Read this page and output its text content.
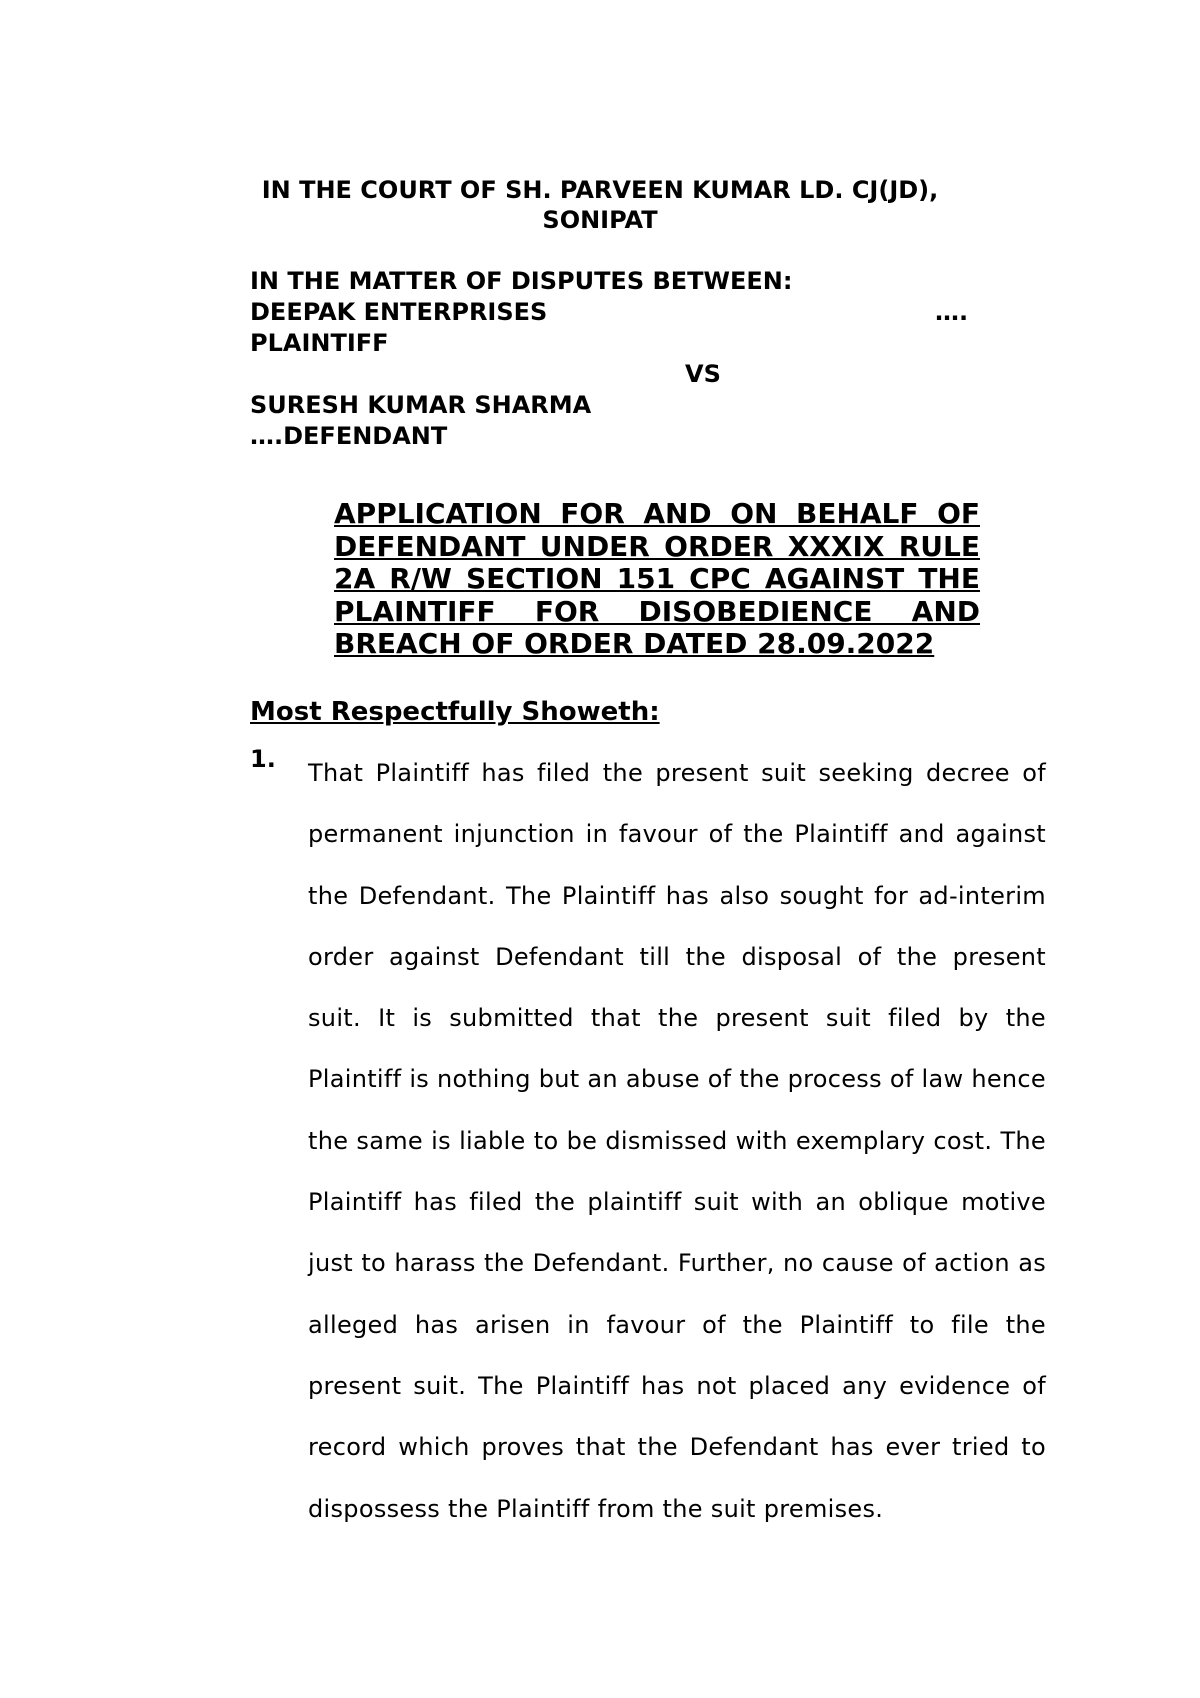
IN THE COURT OF SH. PARVEEN KUMAR LD. CJ(JD),
SONIPAT
IN THE MATTER OF DISPUTES BETWEEN:
DEEPAK ENTERPRISES	….
PLAINTIFF
VS
SURESH KUMAR SHARMA
….DEFENDANT
APPLICATION FOR AND ON BEHALF OF DEFENDANT UNDER ORDER XXXIX RULE 2A R/W SECTION 151 CPC AGAINST THE PLAINTIFF FOR DISOBEDIENCE AND
BREACH OF ORDER DATED 28.09.2022
Most Respectfully Showeth:
1. That Plaintiff has filed the present suit seeking decree of permanent injunction in favour of the Plaintiff and against the Defendant. The Plaintiff has also sought for ad-interim order against Defendant till the disposal of the present suit. It is submitted that the present suit filed by the Plaintiff is nothing but an abuse of the process of law hence the same is liable to be dismissed with exemplary cost. The Plaintiff has filed the plaintiff suit with an oblique motive just to harass the Defendant. Further, no cause of action as alleged has arisen in favour of the Plaintiff to file the present suit. The Plaintiff has not placed any evidence of record which proves that the Defendant has ever tried to dispossess the Plaintiff from the suit premises.
